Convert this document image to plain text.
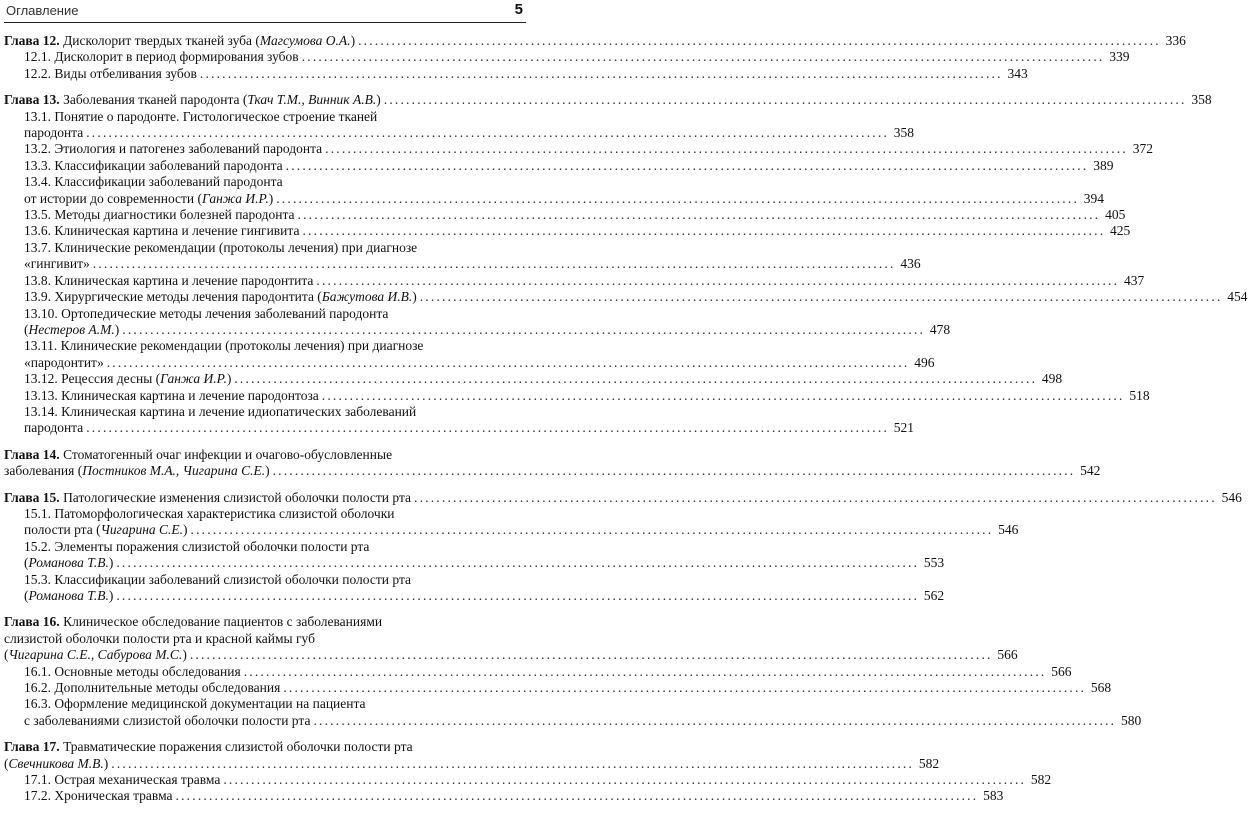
Оглавление	5
Глава 12. Дисколорит твердых тканей зуба (Магсумова О.А.) ................................................................................................................................................ 336
12.1. Дисколорит в период формирования зубов ................................................................................................................................................ 339
12.2. Виды отбеливания зубов ................................................................................................................................................ 343
Глава 13. Заболевания тканей пародонта (Ткач Т.М., Винник А.В.) ................................................................................................................................................ 358
13.1. Понятие о пародонте. Гистологическое строение тканей
пародонта ................................................................................................................................................ 358
13.2. Этиология и патогенез заболеваний пародонта ................................................................................................................................................ 372
13.3. Классификации заболеваний пародонта ................................................................................................................................................ 389
13.4. Классификации заболеваний пародонта
от истории до современности (Ганжа И.Р.) ................................................................................................................................................ 394
13.5. Методы диагностики болезней пародонта ................................................................................................................................................ 405
13.6. Клиническая картина и лечение гингивита ................................................................................................................................................ 425
13.7. Клинические рекомендации (протоколы лечения) при диагнозе
«гингивит» ................................................................................................................................................ 436
13.8. Клиническая картина и лечение пародонтита ................................................................................................................................................ 437
13.9. Хирургические методы лечения пародонтита (Бажутова И.В.) ................................................................................................................................................ 454
13.10. Ортопедические методы лечения заболеваний пародонта
(Нестеров А.М.) ................................................................................................................................................ 478
13.11. Клинические рекомендации (протоколы лечения) при диагнозе
«пародонтит» ................................................................................................................................................ 496
13.12. Рецессия десны (Ганжа И.Р.) ................................................................................................................................................ 498
13.13. Клиническая картина и лечение пародонтоза ................................................................................................................................................ 518
13.14. Клиническая картина и лечение идиопатических заболеваний
пародонта ................................................................................................................................................ 521
Глава 14. Стоматогенный очаг инфекции и очагово-обусловленные
заболевания (Постников М.А., Чигарина С.Е.) ................................................................................................................................................ 542
Глава 15. Патологические изменения слизистой оболочки полости рта ................................................................................................................................................ 546
15.1. Патоморфологическая характеристика слизистой оболочки
полости рта (Чигарина С.Е.) ................................................................................................................................................ 546
15.2. Элементы поражения слизистой оболочки полости рта
(Романова Т.В.) ................................................................................................................................................ 553
15.3. Классификации заболеваний слизистой оболочки полости рта
(Романова Т.В.) ................................................................................................................................................ 562
Глава 16. Клиническое обследование пациентов с заболеваниями
слизистой оболочки полости рта и красной каймы губ
(Чигарина С.Е., Сабурова М.С.) ................................................................................................................................................ 566
16.1. Основные методы обследования ................................................................................................................................................ 566
16.2. Дополнительные методы обследования ................................................................................................................................................ 568
16.3. Оформление медицинской документации на пациента
с заболеваниями слизистой оболочки полости рта ................................................................................................................................................ 580
Глава 17. Травматические поражения слизистой оболочки полости рта
(Свечникова М.В.) ................................................................................................................................................ 582
17.1. Острая механическая травма ................................................................................................................................................ 582
17.2. Хроническая травма ................................................................................................................................................ 583
